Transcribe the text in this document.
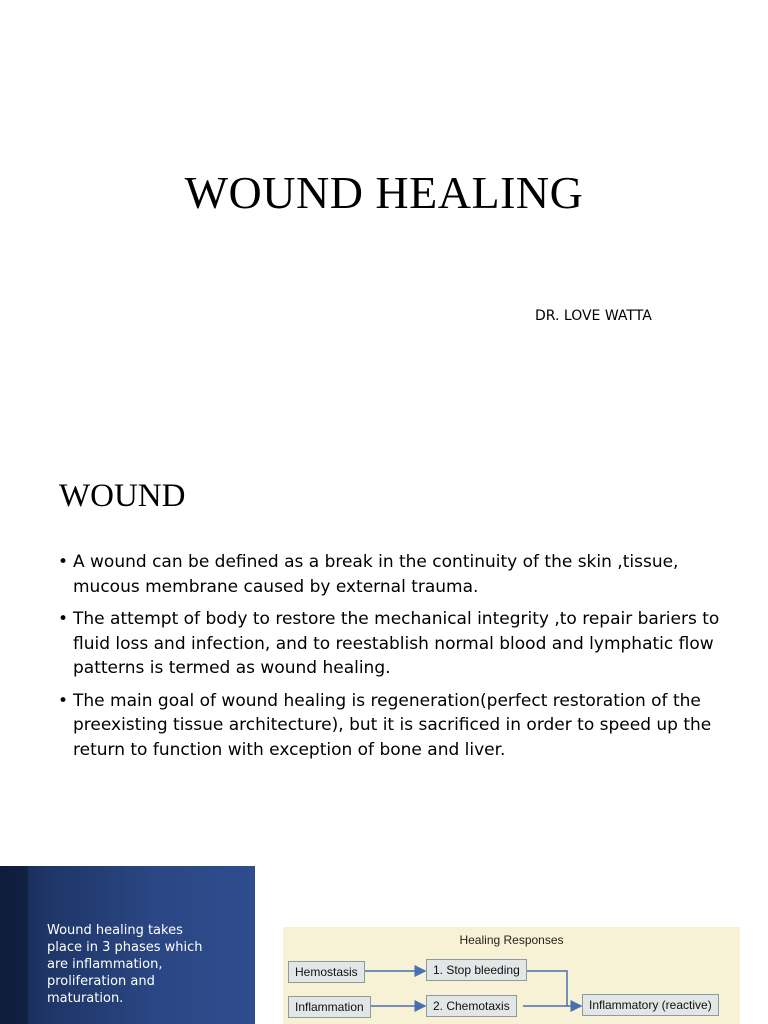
WOUND HEALING
DR. LOVE WATTA
WOUND
• A wound can be defined as a break in the continuity of the skin ,tissue, mucous membrane caused by external trauma.
• The attempt of body to restore the mechanical integrity ,to repair bariers to fluid loss and infection, and to reestablish normal blood and lymphatic flow patterns is termed as wound healing.
• The main goal of wound healing is regeneration(perfect restoration of the preexisting tissue architecture), but it is sacrificed in order to speed up the return to function with exception of bone and liver.
Wound healing takes place in 3 phases which are inflammation, proliferation and maturation.
Healing Responses
Hemostasis
Inflammation
1. Stop bleeding
2. Chemotaxis	Inflammatory (reactive)
